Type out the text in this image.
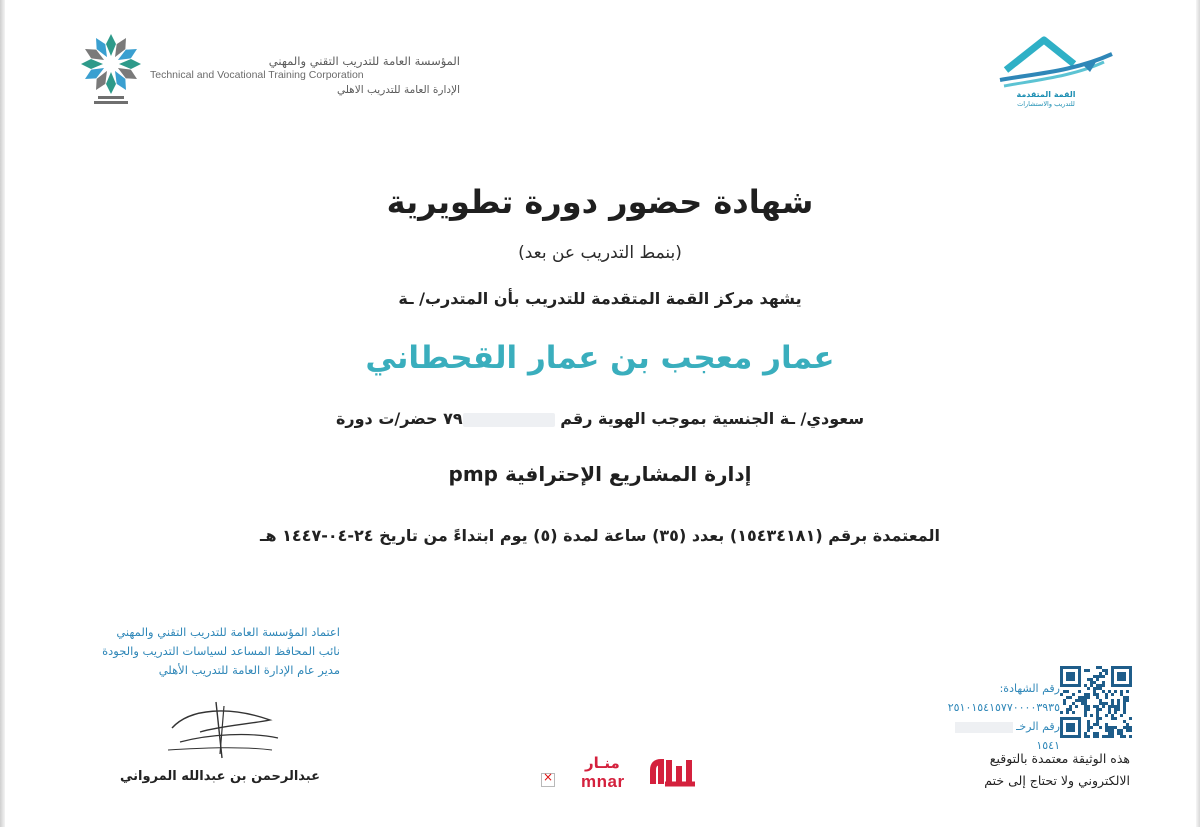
المؤسسة العامة للتدريب التقني والمهني
Technical and Vocational Training Corporation
الإدارة العامة للتدريب الاهلي	القمة المتقدمة
للتدريب والاستشارات
شهادة حضور دورة تطويرية
(بنمط التدريب عن بعد)
يشهد مركز القمة المتقدمة للتدريب بأن المتدرب/ ـة
عمار معجب بن عمار القحطاني
سعودي/ ـة الجنسية بموجب الهوية رقم ٧٩ حضر/ت دورة
إدارة المشاريع الإحترافية pmp
المعتمدة برقم (١٥٤٣٤١٨١) بعدد (٣٥) ساعة لمدة (٥) يوم ابتداءً من تاريخ ٢٤-٠٤-١٤٤٧ هـ
اعتماد المؤسسة العامة للتدريب التقني والمهني
نائب المحافظ المساعد لسياسات التدريب والجودة
مدير عام الإدارة العامة للتدريب الأهلي
عبدالرحمن بن عبدالله المرواني
×
منـار
mnar
رقم الشهادة:
٢٥١٠١٥٤١٥٧٧٠٠٠٠٣٩٣٥
رقم الرخـ
١٥٤١
هذه الوثيقة معتمدة بالتوقيع
الالكتروني ولا تحتاج إلى ختم
